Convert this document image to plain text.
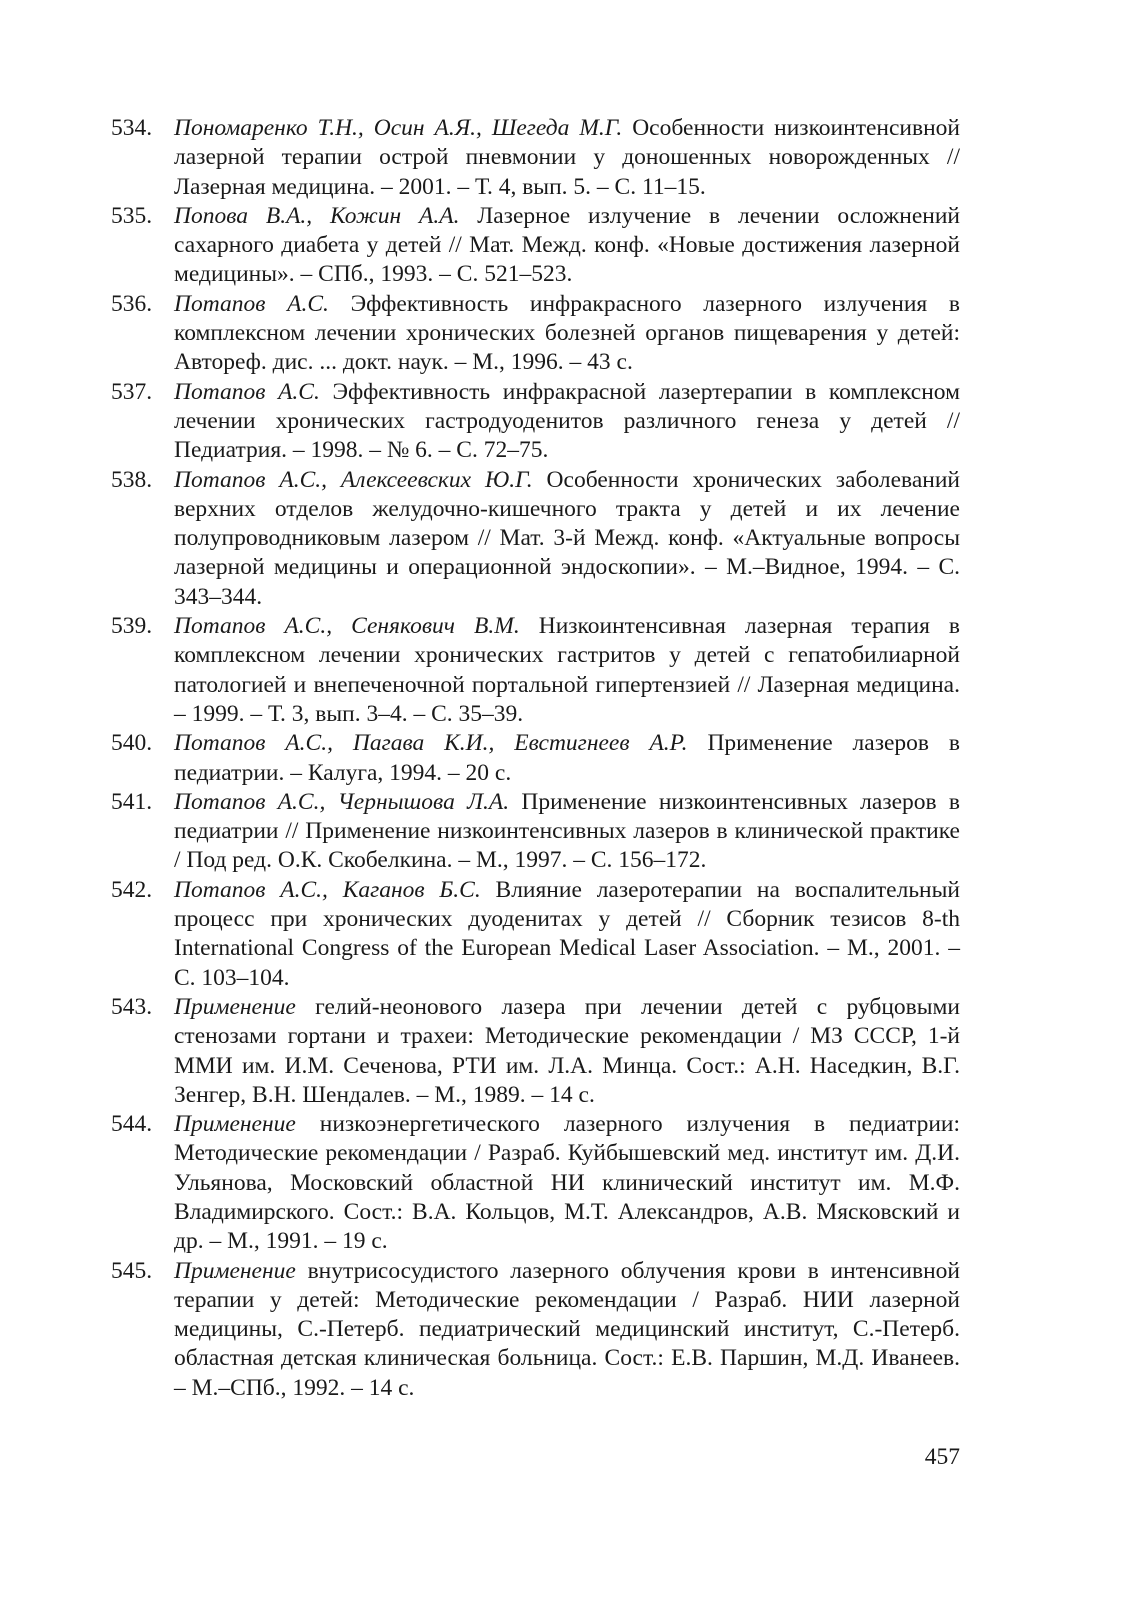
534. Пономаренко Т.Н., Осин А.Я., Шегеда М.Г. Особенности низкоинтенсивной лазерной терапии острой пневмонии у доношенных новорожденных // Лазерная медицина. – 2001. – Т. 4, вып. 5. – С. 11–15.
535. Попова В.А., Кожин А.А. Лазерное излучение в лечении осложнений сахарного диабета у детей // Мат. Межд. конф. «Новые достижения лазерной медицины». – СПб., 1993. – С. 521–523.
536. Потапов А.С. Эффективность инфракрасного лазерного излучения в комплексном лечении хронических болезней органов пищеварения у детей: Автореф. дис. ... докт. наук. – М., 1996. – 43 с.
537. Потапов А.С. Эффективность инфракрасной лазертерапии в комплексном лечении хронических гастродуоденитов различного генеза у детей // Педиатрия. – 1998. – № 6. – С. 72–75.
538. Потапов А.С., Алексеевских Ю.Г. Особенности хронических заболеваний верхних отделов желудочно-кишечного тракта у детей и их лечение полупроводниковым лазером // Мат. 3-й Межд. конф. «Актуальные вопросы лазерной медицины и операционной эндоскопии». – М.–Видное, 1994. – С. 343–344.
539. Потапов А.С., Сенякович В.М. Низкоинтенсивная лазерная терапия в комплексном лечении хронических гастритов у детей с гепатобилиарной патологией и внепеченочной портальной гипертензией // Лазерная медицина. – 1999. – Т. 3, вып. 3–4. – С. 35–39.
540. Потапов А.С., Пагава К.И., Евстигнеев А.Р. Применение лазеров в педиатрии. – Калуга, 1994. – 20 с.
541. Потапов А.С., Чернышова Л.А. Применение низкоинтенсивных лазеров в педиатрии // Применение низкоинтенсивных лазеров в клинической практике / Под ред. О.К. Скобелкина. – М., 1997. – С. 156–172.
542. Потапов А.С., Каганов Б.С. Влияние лазеротерапии на воспалительный процесс при хронических дуоденитах у детей // Сборник тезисов 8-th International Congress of the European Medical Laser Association. – М., 2001. – С. 103–104.
543. Применение гелий-неонового лазера при лечении детей с рубцовыми стенозами гортани и трахеи: Методические рекомендации / МЗ СССР, 1-й ММИ им. И.М. Сеченова, РТИ им. Л.А. Минца. Сост.: А.Н. Наседкин, В.Г. Зенгер, В.Н. Шендалев. – М., 1989. – 14 с.
544. Применение низкоэнергетического лазерного излучения в педиатрии: Методические рекомендации / Разраб. Куйбышевский мед. институт им. Д.И. Ульянова, Московский областной НИ клинический институт им. М.Ф. Владимирского. Сост.: В.А. Кольцов, М.Т. Александров, А.В. Мясковский и др. – М., 1991. – 19 с.
545. Применение внутрисосудистого лазерного облучения крови в интенсивной терапии у детей: Методические рекомендации / Разраб. НИИ лазерной медицины, С.-Петерб. педиатрический медицинский институт, С.-Петерб. областная детская клиническая больница. Сост.: Е.В. Паршин, М.Д. Иванеев. – М.–СПб., 1992. – 14 с.
457
